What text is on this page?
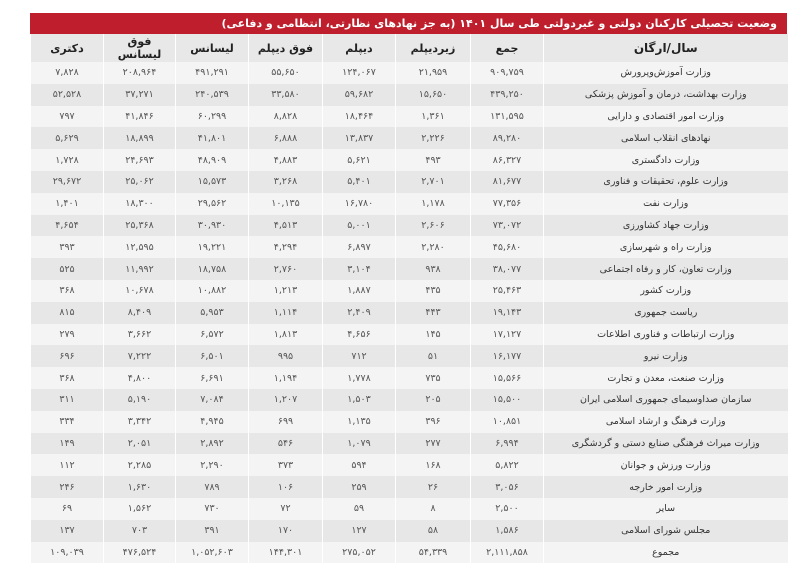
وضعیت تحصیلی کارکنان دولتی و غیردولتی طی سال ۱۴۰۱ (به جز نهادهای نظارتی، انتظامی و دفاعی)
سال/ارگان	جمع	زیردیپلم	دیپلم	فوق دیپلم	لیسانس	فوق لیسانس	دکتری
وزارت آموزش‌وپرورش	۹۰۹,۷۵۹	۲۱,۹۵۹	۱۲۴,۰۶۷	۵۵,۶۵۰	۴۹۱,۲۹۱	۲۰۸,۹۶۴	۷,۸۲۸
وزارت بهداشت، درمان و آموزش پزشکی	۴۳۹,۲۵۰	۱۵,۶۵۰	۵۹,۶۸۲	۳۳,۵۸۰	۲۴۰,۵۳۹	۳۷,۲۷۱	۵۲,۵۲۸
وزارت امور اقتصادی و دارایی	۱۳۱,۵۹۵	۱,۳۶۱	۱۸,۴۶۴	۸,۸۲۸	۶۰,۲۹۹	۴۱,۸۴۶	۷۹۷
نهادهای انقلاب اسلامی	۸۹,۲۸۰	۲,۲۲۶	۱۳,۸۳۷	۶,۸۸۸	۴۱,۸۰۱	۱۸,۸۹۹	۵,۶۲۹
وزارت دادگستری	۸۶,۳۲۷	۴۹۳	۵,۶۲۱	۴,۸۸۳	۴۸,۹۰۹	۲۴,۶۹۳	۱,۷۲۸
وزارت علوم، تحقیقات و فناوری	۸۱,۶۷۷	۲,۷۰۱	۵,۴۰۱	۳,۲۶۸	۱۵,۵۷۳	۲۵,۰۶۲	۲۹,۶۷۲
وزارت نفت	۷۷,۳۵۶	۱,۱۷۸	۱۶,۷۸۰	۱۰,۱۳۵	۲۹,۵۶۲	۱۸,۳۰۰	۱,۴۰۱
وزارت جهاد کشاورزی	۷۳,۰۷۲	۲,۶۰۶	۵,۰۰۱	۴,۵۱۳	۳۰,۹۳۰	۲۵,۳۶۸	۴,۶۵۴
وزارت راه و شهرسازی	۴۵,۶۸۰	۲,۲۸۰	۶,۸۹۷	۴,۲۹۴	۱۹,۲۲۱	۱۲,۵۹۵	۳۹۳
وزارت تعاون، کار و رفاه اجتماعی	۳۸,۰۷۷	۹۳۸	۳,۱۰۴	۲,۷۶۰	۱۸,۷۵۸	۱۱,۹۹۲	۵۲۵
وزارت کشور	۲۵,۴۶۳	۴۳۵	۱,۸۸۷	۱,۲۱۳	۱۰,۸۸۲	۱۰,۶۷۸	۳۶۸
ریاست جمهوری	۱۹,۱۴۳	۴۴۳	۲,۴۰۹	۱,۱۱۴	۵,۹۵۳	۸,۴۰۹	۸۱۵
وزارت ارتباطات و فناوری اطلاعات	۱۷,۱۲۷	۱۴۵	۴,۶۵۶	۱,۸۱۳	۶,۵۷۲	۳,۶۶۲	۲۷۹
وزارت نیرو	۱۶,۱۷۷	۵۱	۷۱۲	۹۹۵	۶,۵۰۱	۷,۲۲۲	۶۹۶
وزارت صنعت، معدن و تجارت	۱۵,۵۶۶	۷۳۵	۱,۷۷۸	۱,۱۹۴	۶,۶۹۱	۴,۸۰۰	۳۶۸
سازمان صداوسیمای جمهوری اسلامی ایران	۱۵,۵۰۰	۲۰۵	۱,۵۰۳	۱,۲۰۷	۷,۰۸۴	۵,۱۹۰	۳۱۱
وزارت فرهنگ و ارشاد اسلامی	۱۰,۸۵۱	۳۹۶	۱,۱۳۵	۶۹۹	۴,۹۴۵	۳,۳۴۲	۳۳۴
وزارت میراث فرهنگی صنایع دستی و گردشگری	۶,۹۹۴	۲۷۷	۱,۰۷۹	۵۴۶	۲,۸۹۲	۲,۰۵۱	۱۴۹
وزارت ورزش و جوانان	۵,۸۲۲	۱۶۸	۵۹۴	۳۷۳	۲,۲۹۰	۲,۲۸۵	۱۱۲
وزارت امور خارجه	۳,۰۵۶	۲۶	۲۵۹	۱۰۶	۷۸۹	۱,۶۳۰	۲۴۶
سایر	۲,۵۰۰	۸	۵۹	۷۲	۷۳۰	۱,۵۶۲	۶۹
مجلس شورای اسلامی	۱,۵۸۶	۵۸	۱۲۷	۱۷۰	۳۹۱	۷۰۳	۱۳۷
مجموع	۲,۱۱۱,۸۵۸	۵۴,۳۳۹	۲۷۵,۰۵۲	۱۴۴,۳۰۱	۱,۰۵۲,۶۰۳	۴۷۶,۵۲۴	۱۰۹,۰۳۹
